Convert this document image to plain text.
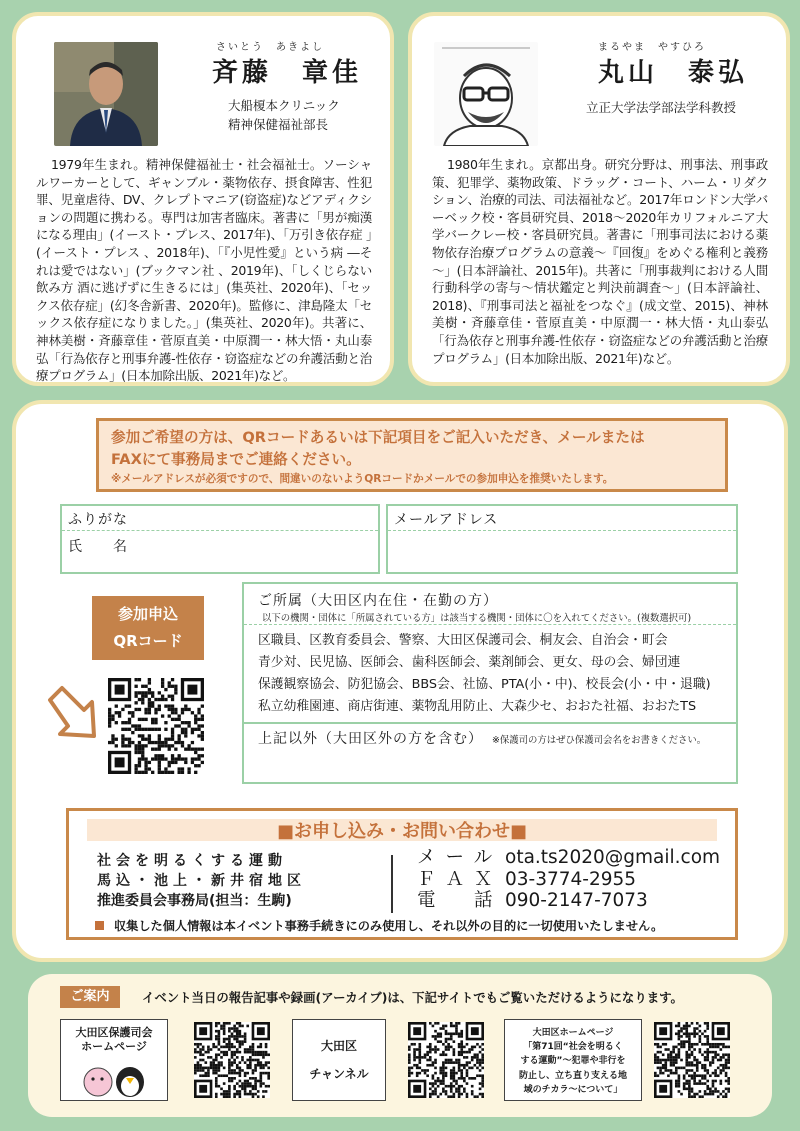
さいとう　あきよし
斉藤　章佳
大船榎本クリニック
精神保健福祉部長
1979年生まれ。精神保健福祉士・社会福祉士。ソーシャルワーカーとして、ギャンブル・薬物依存、摂食障害、性犯罪、児童虐待、DV、クレプトマニア(窃盗症)などアディクションの問題に携わる。専門は加害者臨床。著書に「男が痴漢になる理由」(イースト・プレス、2017年)、「万引き依存症 」(イースト・プレス 、2018年)、「『小児性愛』という病 ―それは愛ではない」(ブックマン社 、2019年)、「しくじらない飲み方 酒に逃げずに生きるには」(集英社、2020年)、「セックス依存症」(幻冬舎新書、2020年)。監修に、津島隆太「セックス依存症になりました。」(集英社、2020年)。共著に、神林美樹・斉藤章佳・菅原直美・中原潤一・林大悟・丸山泰弘「行為依存と刑事弁護-性依存・窃盗症などの弁護活動と治療プログラム」(日本加除出版、2021年)など。
まるやま　やすひろ
丸山　泰弘
立正大学法学部法学科教授
1980年生まれ。京都出身。研究分野は、刑事法、刑事政策、犯罪学、薬物政策、ドラッグ・コート、ハーム・リダクション、治療的司法、司法福祉など。2017年ロンドン大学バーベック校・客員研究員、2018～2020年カリフォルニア大学バークレー校・客員研究員。著書に「刑事司法における薬物依存治療プログラムの意義～『回復』をめぐる権利と義務～」(日本評論社、2015年)。共著に「刑事裁判における人間行動科学の寄与～情状鑑定と判決前調査～」(日本評論社、2018)、『刑事司法と福祉をつなぐ』(成文堂、2015)、神林美樹・斉藤章佳・菅原直美・中原潤一・林大悟・丸山泰弘「行為依存と刑事弁護-性依存・窃盗症などの弁護活動と治療プログラム」(日本加除出版、2021年)など。
参加ご希望の方は、QRコードあるいは下記項目をご記入いただき、メールまたは
FAXにて事務局までご連絡ください。
※メールアドレスが必須ですので、間違いのないようQRコードかメールでの参加申込を推奨いたします。
ふりがな
氏　　名
メールアドレス
参加申込
QRコード
ご所属（大田区内在住・在勤の方）
以下の機関・団体に「所属されている方」は該当する機関・団体に〇を入れてください。(複数選択可)
区職員、区教育委員会、警察、大田区保護司会、桐友会、自治会・町会
青少対、民児協、医師会、歯科医師会、薬剤師会、更女、母の会、婦団連
保護観察協会、防犯協会、BBS会、社協、PTA(小・中)、校長会(小・中・退職)
私立幼稚園連、商店街連、薬物乱用防止、大森少セ、おおた社福、おおたTS
上記以外（大田区外の方を含む） ※保護司の方はぜひ保護司会名をお書きください。
■お申し込み・お問い合わせ■
社会を明るくする運動
馬込・池上・新井宿地区
推進委員会事務局(担当：生駒)
メール ota.ts2020@gmail.com
ＦＡＸ 03-3774-2955
電　話 090-2147-7073
収集した個人情報は本イベント事務手続きにのみ使用し、それ以外の目的に一切使用いたしません。
ご案内	イベント当日の報告記事や録画(アーカイブ)は、下記サイトでもご覧いただけるようになります。
大田区保護司会
ホームページ	大田区
チャンネル
大田区ホームページ
「第71回“社会を明るく
する運動”～犯罪や非行を
防止し、立ち直り支える地
域のチカラ～について」
